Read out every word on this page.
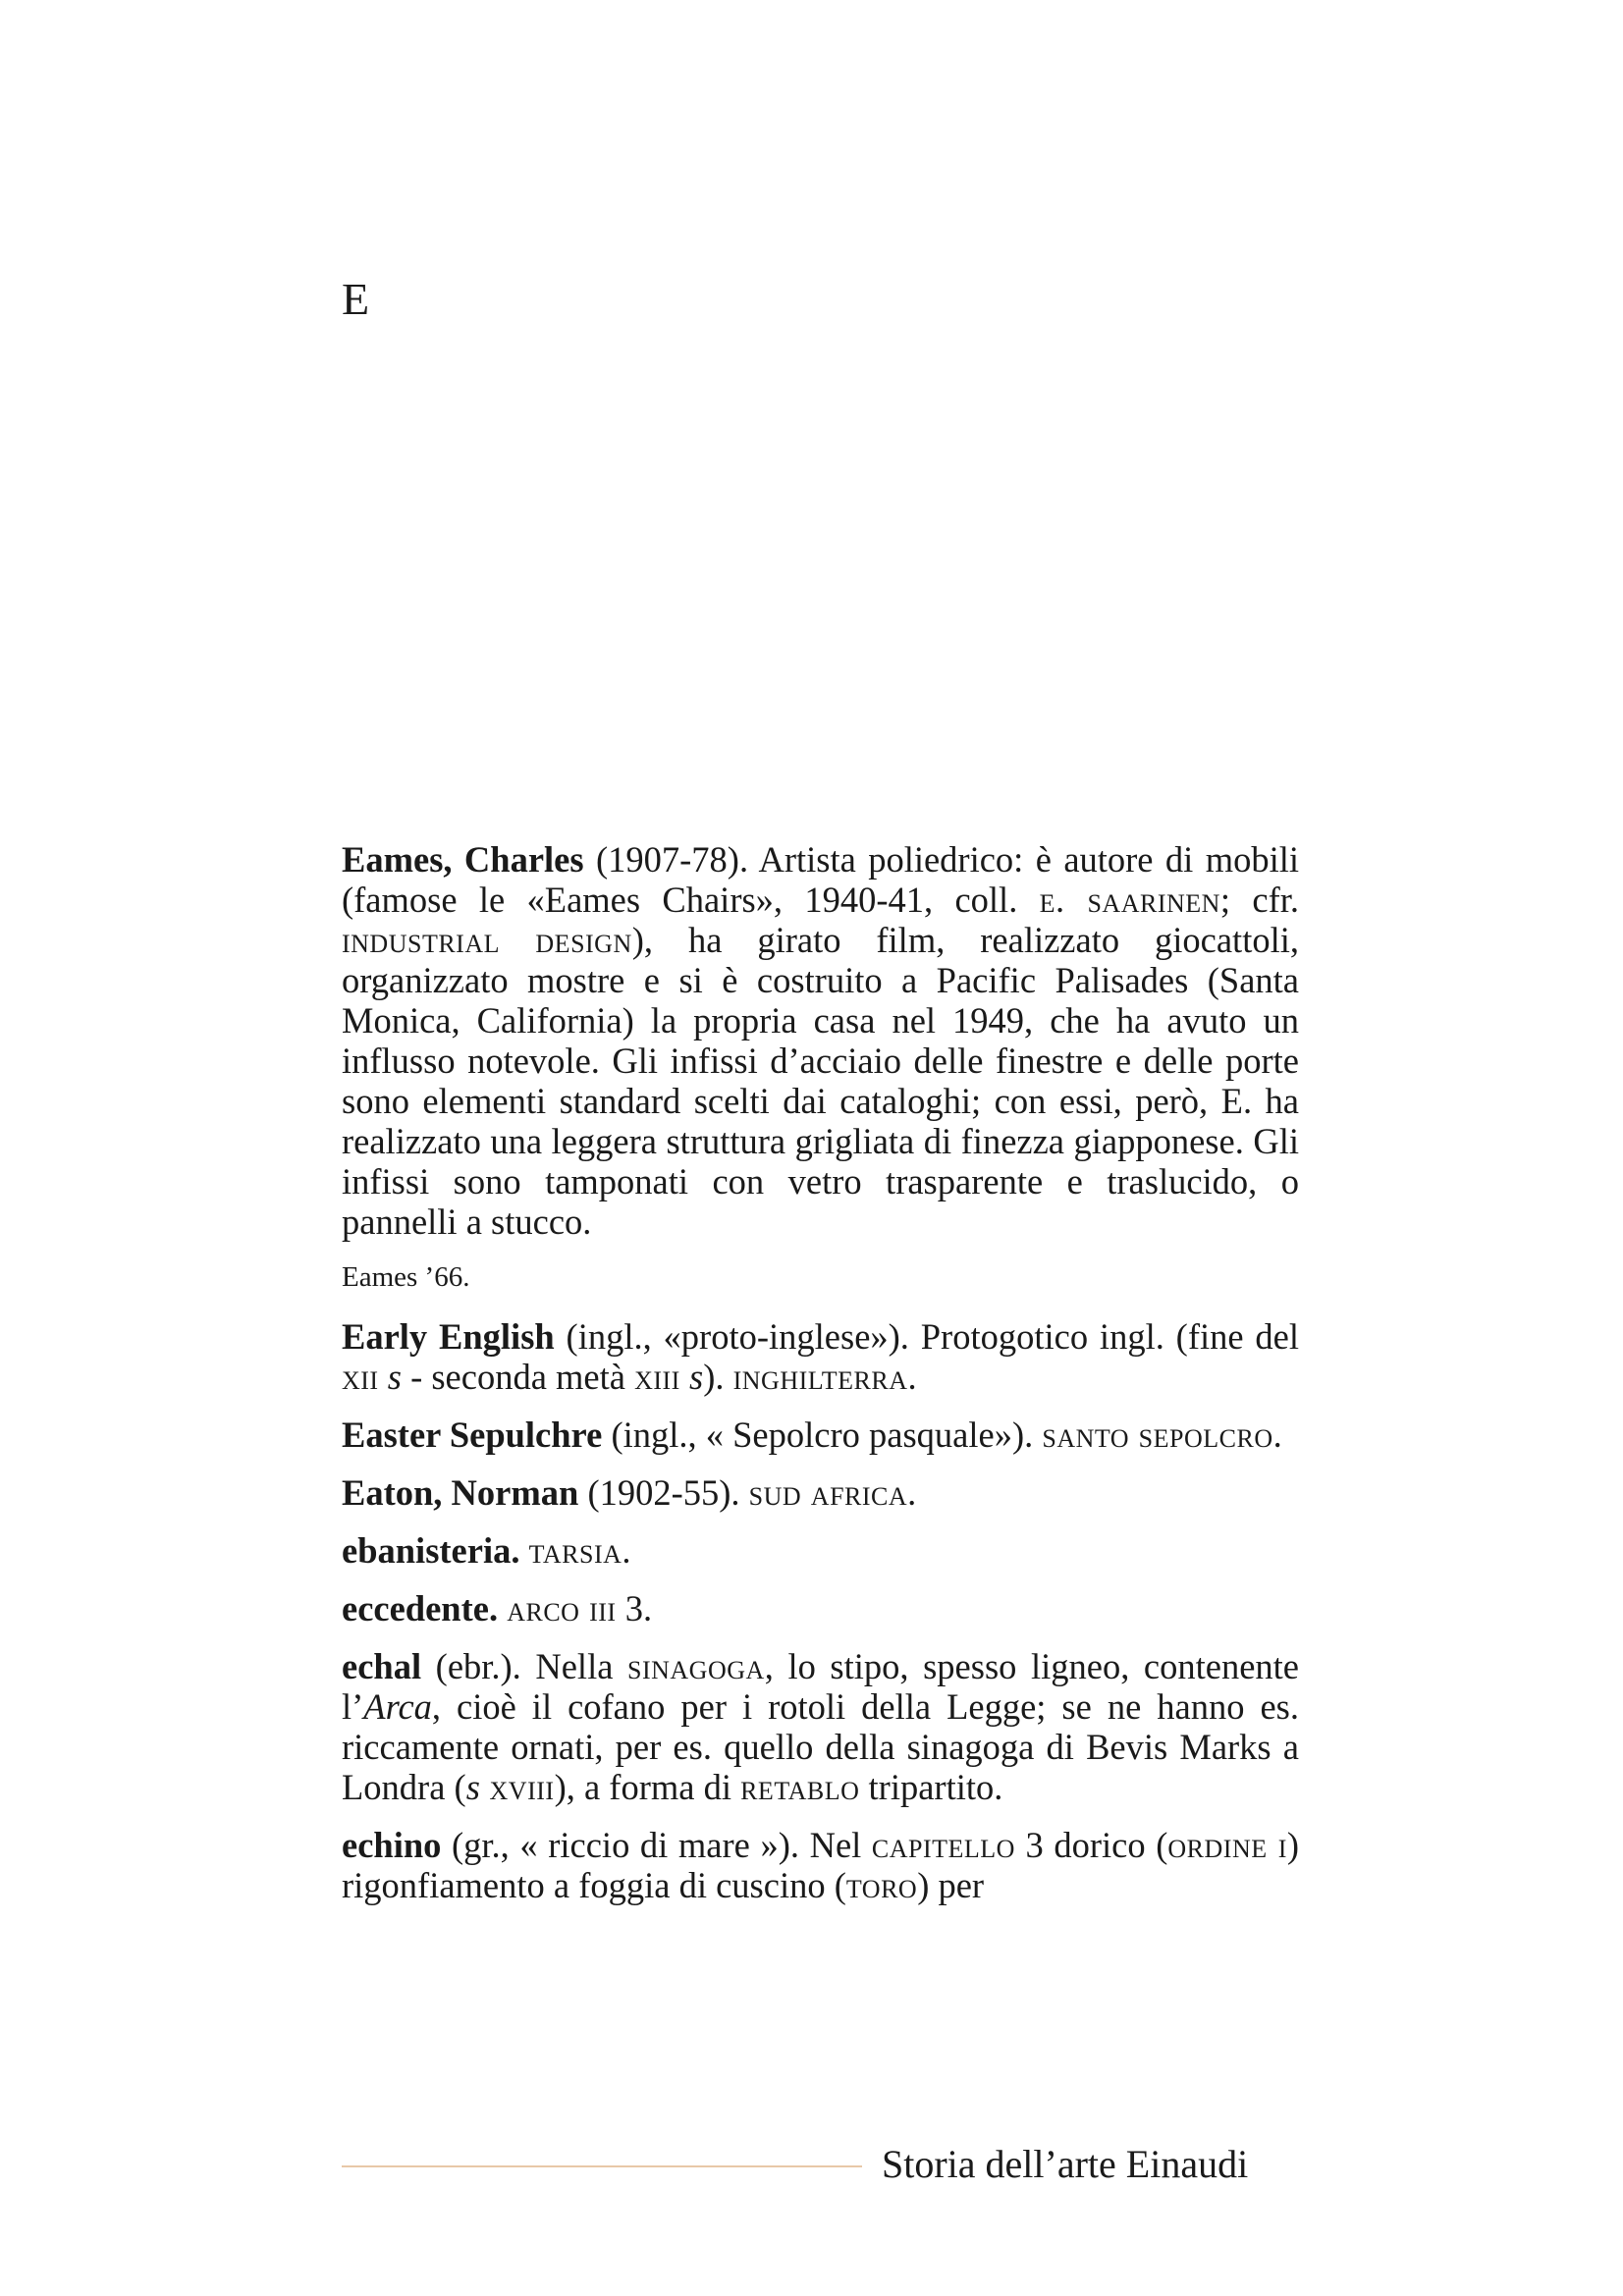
E

Eames, Charles (1907-78). Artista poliedrico: è autore di mobili (famose le «Eames Chairs», 1940-41, coll. e. saarinen; cfr. industrial design), ha girato film, realizzato giocattoli, organizzato mostre e si è costruito a Pacific Palisades (Santa Monica, California) la propria casa nel 1949, che ha avuto un influsso notevole. Gli infissi d’acciaio delle finestre e delle porte sono elementi standard scelti dai cataloghi; con essi, però, E. ha realizzato una leggera struttura grigliata di finezza giapponese. Gli infissi sono tamponati con vetro trasparente e traslucido, o pannelli a stucco.

Eames ’66.

Early English (ingl., «proto-inglese»). Protogotico ingl. (fine del xii s - seconda metà xiii s). inghilterra.

Easter Sepulchre (ingl., « Sepolcro pasquale»). santo sepolcro.

Eaton, Norman (1902-55). sud africa.

ebanisteria. tarsia.

eccedente. arco iii 3.

echal (ebr.). Nella sinagoga, lo stipo, spesso ligneo, contenente l’Arca, cioè il cofano per i rotoli della Legge; se ne hanno es. riccamente ornati, per es. quello della sinagoga di Bevis Marks a Londra (s xviii), a forma di retablo tripartito.

echino (gr., « riccio di mare »). Nel capitello 3 dorico (ordine i) rigonfiamento a foggia di cuscino (toro) per

Storia dell’arte Einaudi
